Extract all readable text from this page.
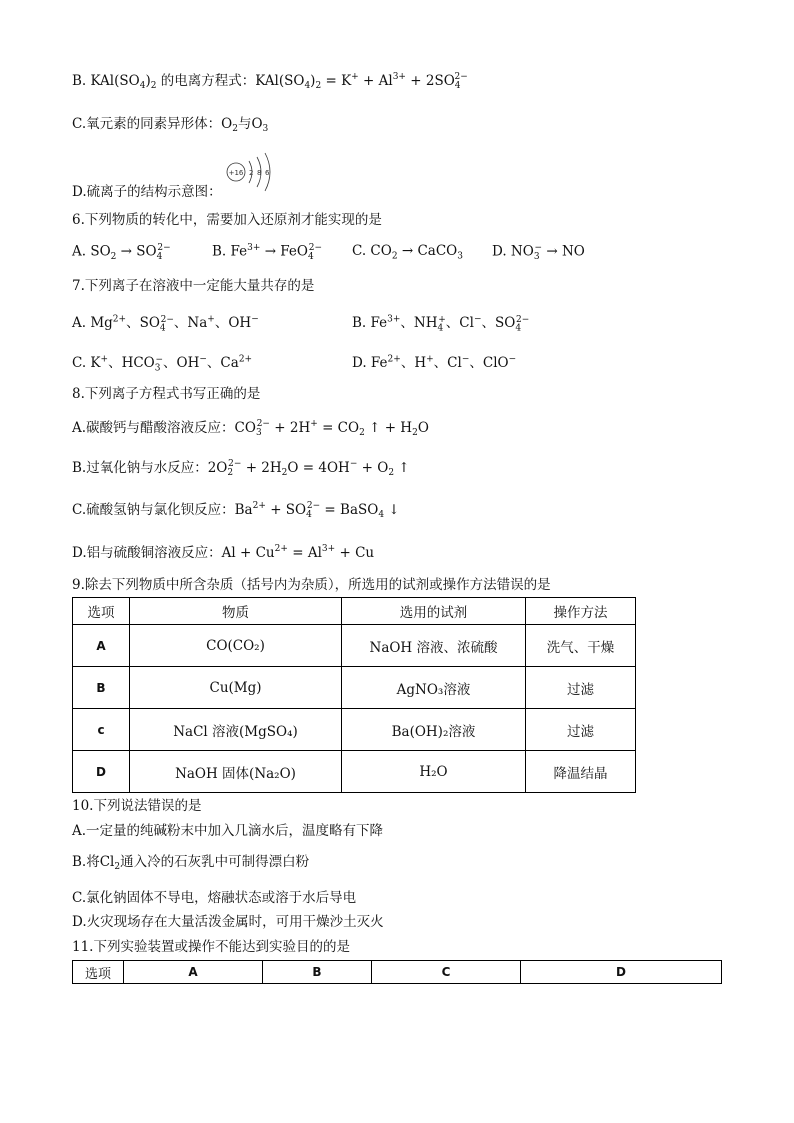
B. $KAl(SO_4)_2$ 的电离方程式：$KAl(SO_4)_2 = K^+ + Al^{3+} + 2SO_4^{2-}$
C.氧元素的同素异形体：$O_2$与$O_3$
+16 2 8 6
D.硫离子的结构示意图：
6.下列物质的转化中，需要加入还原剂才能实现的是
A. $SO_2 \to SO_4^{2-}$	B. $Fe^{3+} \to FeO_4^{2-}$ C. $CO_2$ → CaCO$_3$ D. $NO_3^-$ → NO
7.下列离子在溶液中一定能大量共存的是
A. $Mg^{2+}$、$SO_4^{2-}$、Na+、OH−	B. $Fe^{3+}$、$NH_4^+$、Cl−、$SO_4^{2-}$
C. K+、$HCO_3^-$、OH−、$Ca^{2+}$	D. $Fe^{2+}$、H+、Cl−、ClO−
8.下列离子方程式书写正确的是
A.碳酸钙与醋酸溶液反应：$CO_3^{2-} + 2H^+ = CO_2$ ↑ + $H_2O$
B.过氧化钠与水反应：$2O_2^{2-} + 2H_2O = 4OH^- + O_2$ ↑
C.硫酸氢钠与氯化钡反应：$Ba^{2+} + SO_4^{2-}$ = BaSO$_4$ ↓
D.铝与硫酸铜溶液反应：$Al + Cu^{2+} = Al^{3+} + Cu$
9.除去下列物质中所含杂质（括号内为杂质），所选用的试剂或操作方法错误的是
选项	物质	选用的试剂	操作方法
A	CO(CO₂)	NaOH 溶液、浓硫酸	洗气、干燥
B	Cu(Mg)	AgNO₃溶液	过滤
c	NaCl 溶液(MgSO₄)	Ba(OH)₂溶液	过滤
D	NaOH 固体(Na₂O)	H₂O	降温结晶
10.下列说法错误的是
A.一定量的纯碱粉末中加入几滴水后，温度略有下降
B.将$Cl_2$通入冷的石灰乳中可制得漂白粉
C.氯化钠固体不导电，熔融状态或溶于水后导电
D.火灾现场存在大量活泼金属时，可用干燥沙土灭火
11.下列实验装置或操作不能达到实验目的的是
选项	A	B	C	D
